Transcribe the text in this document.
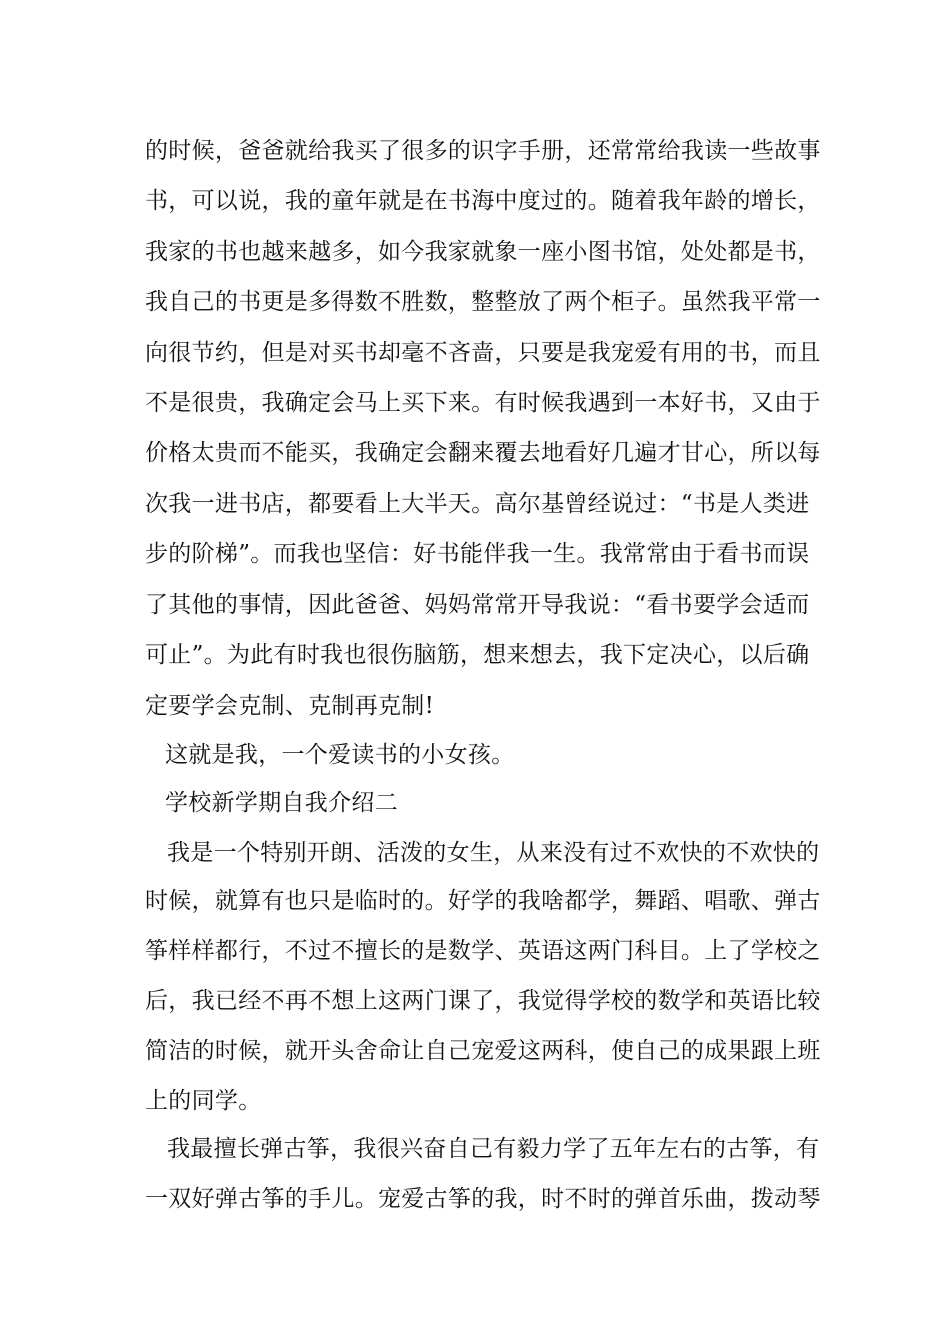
的时候，爸爸就给我买了很多的识字手册，还常常给我读一些故事

书，可以说，我的童年就是在书海中度过的。随着我年龄的增长，

我家的书也越来越多，如今我家就象一座小图书馆，处处都是书，

我自己的书更是多得数不胜数，整整放了两个柜子。虽然我平常一

向很节约，但是对买书却毫不吝啬，只要是我宠爱有用的书，而且

不是很贵，我确定会马上买下来。有时候我遇到一本好书，又由于

价格太贵而不能买，我确定会翻来覆去地看好几遍才甘心，所以每

次我一进书店，都要看上大半天。高尔基曾经说过：“书是人类进

步的阶梯”。而我也坚信：好书能伴我一生。我常常由于看书而误

了其他的事情，因此爸爸、妈妈常常开导我说：“看书要学会适而

可止”。为此有时我也很伤脑筋，想来想去，我下定决心，以后确

定要学会克制、克制再克制!

这就是我，一个爱读书的小女孩。

学校新学期自我介绍二

我是一个特别开朗、活泼的女生，从来没有过不欢快的不欢快的

时候，就算有也只是临时的。好学的我啥都学，舞蹈、唱歌、弹古

筝样样都行，不过不擅长的是数学、英语这两门科目。上了学校之

后，我已经不再不想上这两门课了，我觉得学校的数学和英语比较

简洁的时候，就开头舍命让自己宠爱这两科，使自己的成果跟上班

上的同学。

我最擅长弹古筝，我很兴奋自己有毅力学了五年左右的古筝，有

一双好弹古筝的手儿。宠爱古筝的我，时不时的弹首乐曲，拨动琴
